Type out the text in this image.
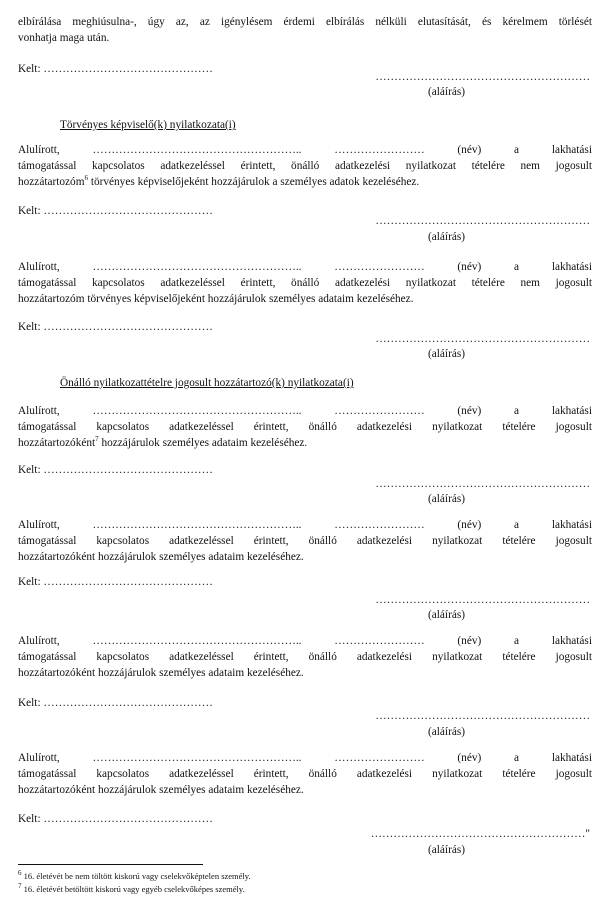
elbírálása meghiúsulna-, úgy az, az igénylésem érdemi elbírálás nélküli elutasítását, és kérelmem törlését
vonhatja maga után.
Kelt: ………………………………………
…………………………………………………
(aláírás)
Törvényes képviselő(k) nyilatkozata(i)
Alulírott,	………………………………………………..	……………………	(név)	a	lakhatási
támogatással kapcsolatos adatkezeléssel érintett, önálló adatkezelési nyilatkozat tételére nem jogosult
hozzátartozóm$^6$ törvényes képviselőjeként hozzájárulok a személyes adatok kezeléséhez.
Kelt: ………………………………………
…………………………………………………
(aláírás)
Alulírott,	………………………………………………..	……………………	(név)	a	lakhatási
támogatással kapcsolatos adatkezeléssel érintett, önálló adatkezelési nyilatkozat tételére nem jogosult
hozzátartozóm törvényes képviselőjeként hozzájárulok személyes adataim kezeléséhez.
Kelt: ………………………………………
…………………………………………………
(aláírás)
Önálló nyilatkozattételre jogosult hozzátartozó(k) nyilatkozata(i)
Alulírott,	………………………………………………..	……………………	(név)	a	lakhatási
támogatással kapcsolatos adatkezeléssel érintett, önálló adatkezelési nyilatkozat tételére jogosult
hozzátartozóként$^7$ hozzájárulok személyes adataim kezeléséhez.
Kelt: ………………………………………
…………………………………………………
(aláírás)
Alulírott,	………………………………………………..	……………………	(név)	a	lakhatási
támogatással kapcsolatos adatkezeléssel érintett, önálló adatkezelési nyilatkozat tételére jogosult
hozzátartozóként hozzájárulok személyes adataim kezeléséhez.
Kelt: ………………………………………
…………………………………………………
(aláírás)
Alulírott,	………………………………………………..	……………………	(név)	a	lakhatási
támogatással kapcsolatos adatkezeléssel érintett, önálló adatkezelési nyilatkozat tételére jogosult
hozzátartozóként hozzájárulok személyes adataim kezeléséhez.
Kelt: ………………………………………
…………………………………………………
(aláírás)
Alulírott,	………………………………………………..	……………………	(név)	a	lakhatási
támogatással kapcsolatos adatkezeléssel érintett, önálló adatkezelési nyilatkozat tételére jogosult
hozzátartozóként hozzájárulok személyes adataim kezeléséhez.
Kelt: ………………………………………
…………………………………………………"
(aláírás)
$^6$ 16. életévét be nem töltött kiskorú vagy cselekvőképtelen személy.
$^7$ 16. életévét betöltött kiskorú vagy egyéb cselekvőképes személy.
